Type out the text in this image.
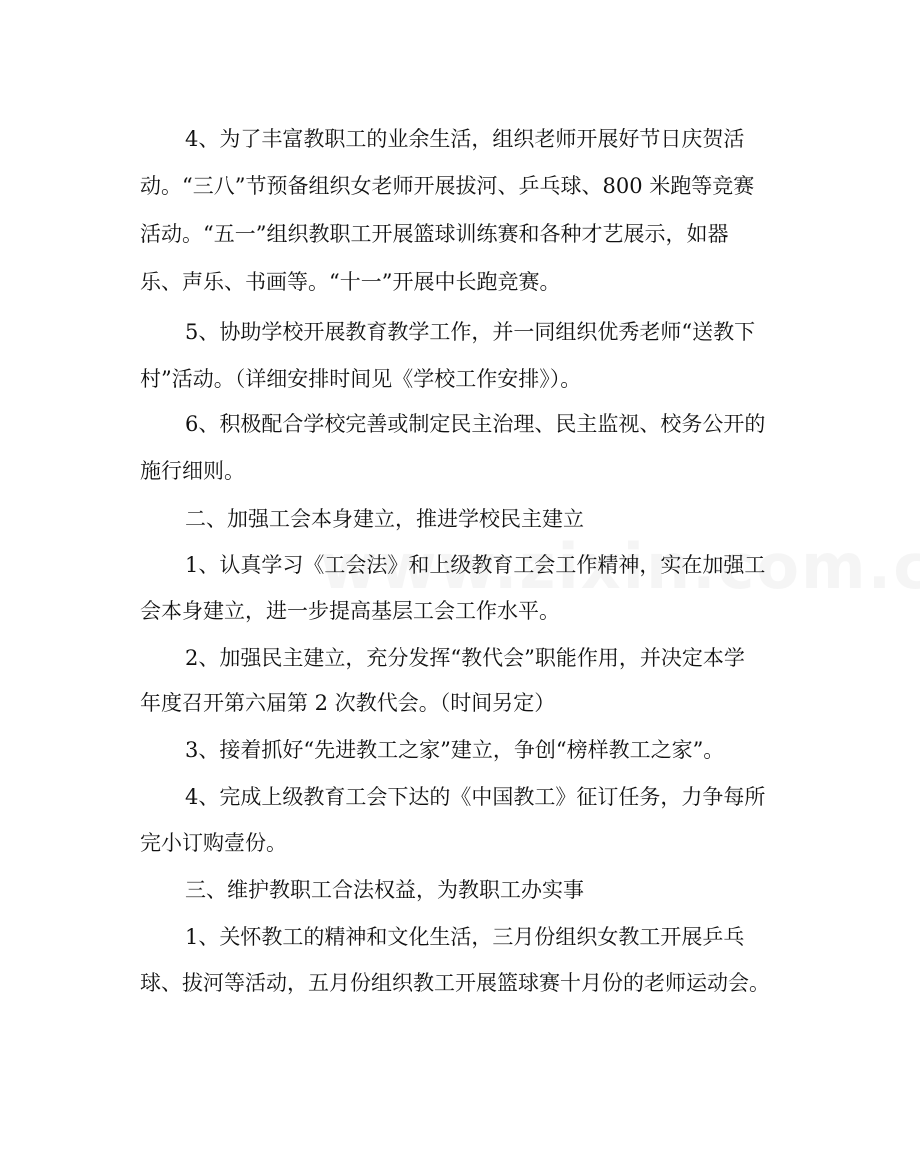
4、为了丰富教职工的业余生活，组织老师开展好节日庆贺活
动。“三八”节预备组织女老师开展拔河、乒乓球、800 米跑等竞赛
活动。“五一”组织教职工开展篮球训练赛和各种才艺展示，如器
乐、声乐、书画等。“十一”开展中长跑竞赛。
5、协助学校开展教育教学工作，并一同组织优秀老师“送教下
村”活动。（详细安排时间见《学校工作安排》）。
6、积极配合学校完善或制定民主治理、民主监视、校务公开的
施行细则。
二、加强工会本身建立，推进学校民主建立
1、认真学习《工会法》和上级教育工会工作精神，实在加强工
会本身建立，进一步提高基层工会工作水平。
2、加强民主建立，充分发挥“教代会”职能作用，并决定本学
年度召开第六届第 2 次教代会。（时间另定）
3、接着抓好“先进教工之家”建立，争创“榜样教工之家”。
4、完成上级教育工会下达的《中国教工》征订任务，力争每所
完小订购壹份。
三、维护教职工合法权益，为教职工办实事
1、关怀教工的精神和文化生活，三月份组织女教工开展乒乓
球、拔河等活动，五月份组织教工开展篮球赛十月份的老师运动会。
